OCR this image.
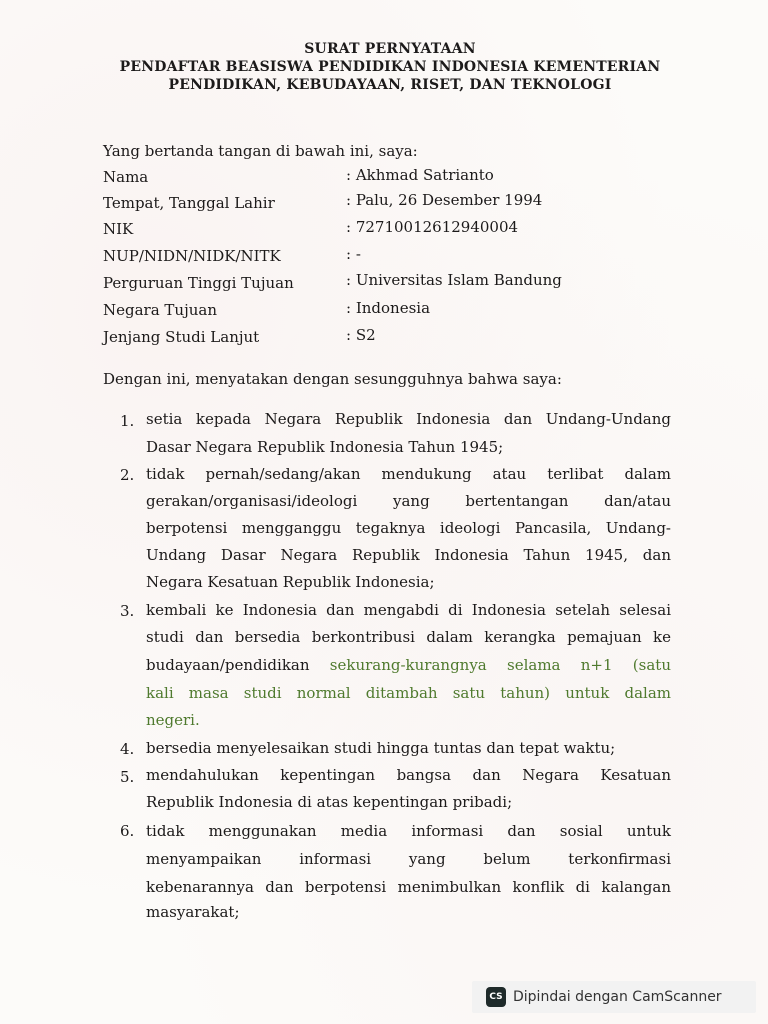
SURAT PERNYATAAN

PENDAFTAR BEASISWA PENDIDIKAN INDONESIA KEMENTERIAN

PENDIDIKAN, KEBUDAYAAN, RISET, DAN TEKNOLOGI

Yang bertanda tangan di bawah ini, saya:

Nama	: Akhmad Satrianto

Tempat, Tanggal Lahir	: Palu, 26 Desember 1994

NIK	: 7271001261294000‌4

NUP/NIDN/NIDK/NITK	: -

Perguruan Tinggi Tujuan	: Universitas Islam Bandung

Negara Tujuan	: Indonesia

Jenjang Studi Lanjut	: S2

Dengan ini, menyatakan dengan sesungguhnya bahwa saya:

1. setia kepada Negara Republik Indonesia dan Undang-Undang

Dasar Negara Republik Indonesia Tahun 1945;

2. tidak pernah/sedang/akan mendukung atau terlibat dalam

gerakan/organisasi/ideologi yang bertentangan dan/atau

berpotensi mengganggu tegaknya ideologi Pancasila, Undang-

Undang Dasar Negara Republik Indonesia Tahun 1945, dan

Negara Kesatuan Republik Indonesia;

3. kembali ke Indonesia dan mengabdi di Indonesia setelah selesai

studi dan bersedia berkontribusi dalam kerangka pemajuan ke

budayaan/pendidikan sekurang-kurangnya selama n+1 (satu

kali masa studi normal ditambah satu tahun) untuk dalam

negeri.

4. bersedia menyelesaikan studi hingga tuntas dan tepat waktu;

5. mendahulukan kepentingan bangsa dan Negara Kesatuan

Republik Indonesia di atas kepentingan pribadi;

6. tidak menggunakan media informasi dan sosial untuk

menyampaikan informasi yang belum terkonfirmasi

kebenarannya dan berpotensi menimbulkan konflik di kalangan

masyarakat;

CS Dipindai dengan CamScanner
